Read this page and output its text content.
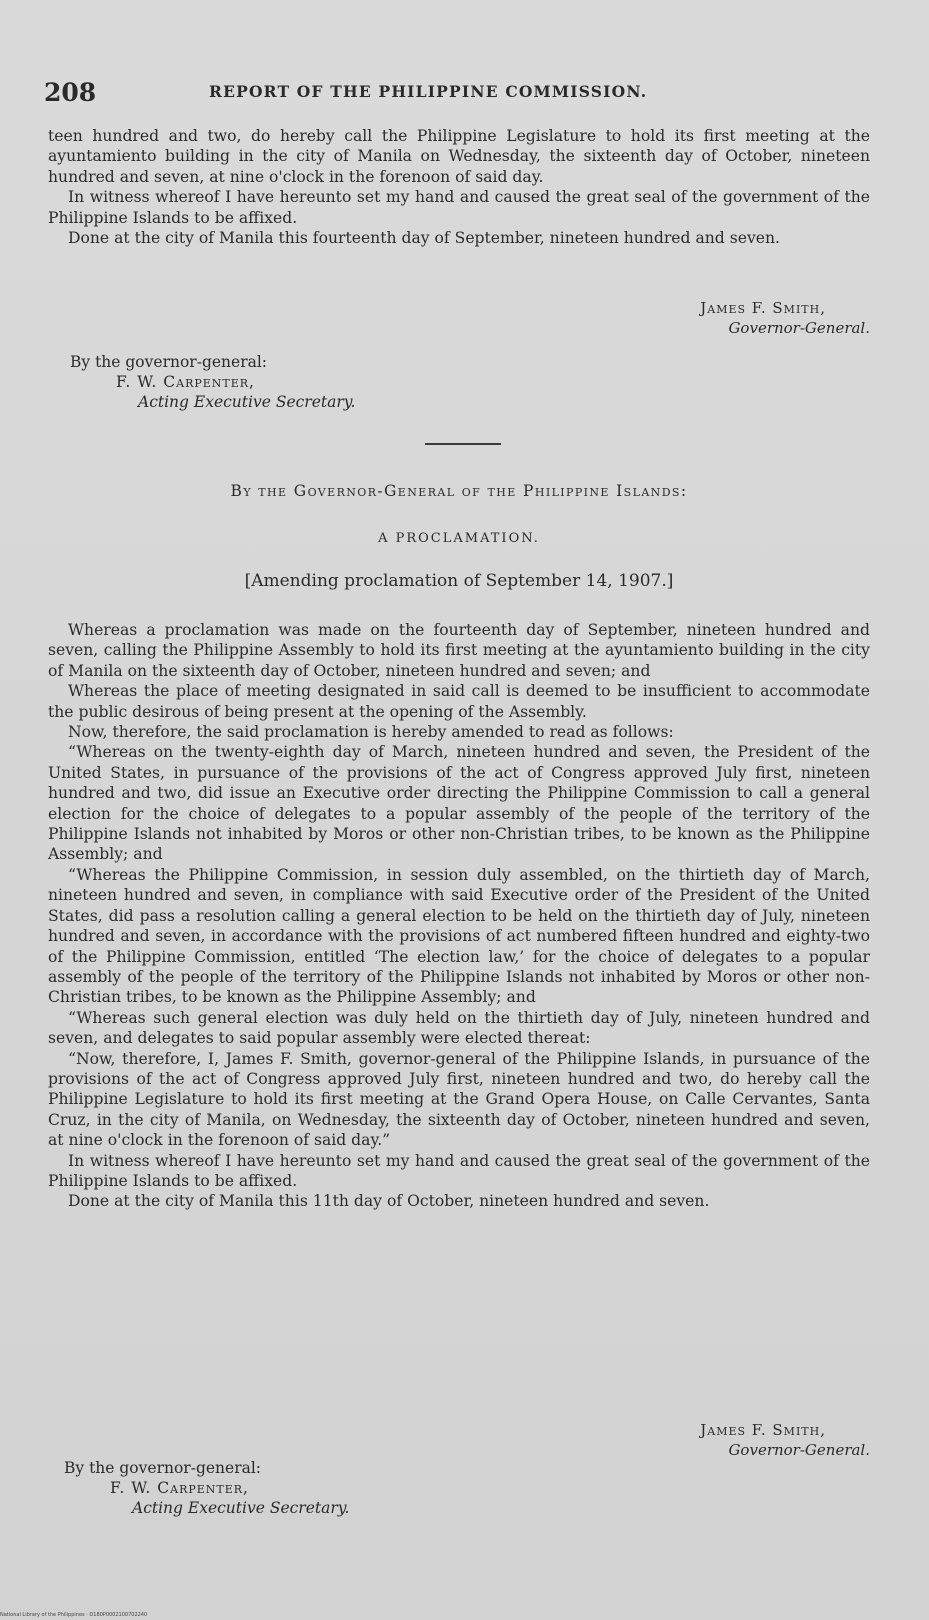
208	REPORT OF THE PHILIPPINE COMMISSION.

teen hundred and two, do hereby call the Philippine Legislature to hold its first meeting at the ayuntamiento building in the city of Manila on Wednesday, the sixteenth day of October, nineteen hundred and seven, at nine o'clock in the forenoon of said day.

In witness whereof I have hereunto set my hand and caused the great seal of the government of the Philippine Islands to be affixed.

Done at the city of Manila this fourteenth day of September, nineteen hundred and seven.

James F. Smith,
Governor-General.
By the governor-general:
F. W. Carpenter,
Acting Executive Secretary.
By the Governor-General of the Philippine Islands:
A PROCLAMATION.
[Amending proclamation of September 14, 1907.]

Whereas a proclamation was made on the fourteenth day of September, nineteen hundred and seven, calling the Philippine Assembly to hold its first meeting at the ayuntamiento building in the city of Manila on the sixteenth day of October, nineteen hundred and seven; and

Whereas the place of meeting designated in said call is deemed to be insufficient to accommodate the public desirous of being present at the opening of the Assembly.

Now, therefore, the said proclamation is hereby amended to read as follows:

“Whereas on the twenty-eighth day of March, nineteen hundred and seven, the President of the United States, in pursuance of the provisions of the act of Congress approved July first, nineteen hundred and two, did issue an Executive order directing the Philippine Commission to call a general election for the choice of delegates to a popular assembly of the people of the territory of the Philippine Islands not inhabited by Moros or other non-Christian tribes, to be known as the Philippine Assembly; and

“Whereas the Philippine Commission, in session duly assembled, on the thirtieth day of March, nineteen hundred and seven, in compliance with said Executive order of the President of the United States, did pass a resolution calling a general election to be held on the thirtieth day of July, nineteen hundred and seven, in accordance with the provisions of act numbered fifteen hundred and eighty-two of the Philippine Commission, entitled ‘The election law,’ for the choice of delegates to a popular assembly of the people of the territory of the Philippine Islands not inhabited by Moros or other non-Christian tribes, to be known as the Philippine Assembly; and

“Whereas such general election was duly held on the thirtieth day of July, nineteen hundred and seven, and delegates to said popular assembly were elected thereat:

“Now, therefore, I, James F. Smith, governor-general of the Philippine Islands, in pursuance of the provisions of the act of Congress approved July first, nineteen hundred and two, do hereby call the Philippine Legislature to hold its first meeting at the Grand Opera House, on Calle Cervantes, Santa Cruz, in the city of Manila, on Wednesday, the sixteenth day of October, nineteen hundred and seven, at nine o'clock in the forenoon of said day.”

In witness whereof I have hereunto set my hand and caused the great seal of the government of the Philippine Islands to be affixed.

Done at the city of Manila this 11th day of October, nineteen hundred and seven.

James F. Smith,
Governor-General.
By the governor-general:
F. W. Carpenter,
Acting Executive Secretary.
National Library of the Philippines · D180P0002100702240
